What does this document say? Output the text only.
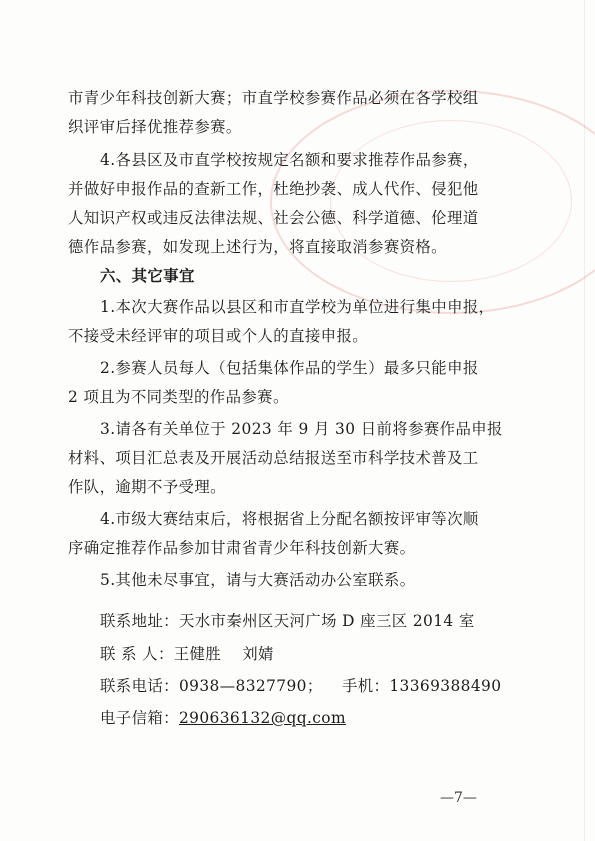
市青少年科技创新大赛；市直学校参赛作品必须在各学校组
织评审后择优推荐参赛。
4.各县区及市直学校按规定名额和要求推荐作品参赛，
并做好申报作品的查新工作，杜绝抄袭、成人代作、侵犯他
人知识产权或违反法律法规、社会公德、科学道德、伦理道
德作品参赛，如发现上述行为，将直接取消参赛资格。
六、其它事宜
1.本次大赛作品以县区和市直学校为单位进行集中申报，
不接受未经评审的项目或个人的直接申报。
2.参赛人员每人（包括集体作品的学生）最多只能申报
2 项且为不同类型的作品参赛。
3.请各有关单位于 2023 年 9 月 30 日前将参赛作品申报
材料、项目汇总表及开展活动总结报送至市科学技术普及工
作队，逾期不予受理。
4.市级大赛结束后，将根据省上分配名额按评审等次顺
序确定推荐作品参加甘肃省青少年科技创新大赛。
5.其他未尽事宜，请与大赛活动办公室联系。
联系地址：天水市秦州区天河广场 D 座三区 2014 室
联 系 人：王健胜　 刘婧
联系电话：0938—8327790； 手机：13369388490
电子信箱：290636132@qq.com
—7—
